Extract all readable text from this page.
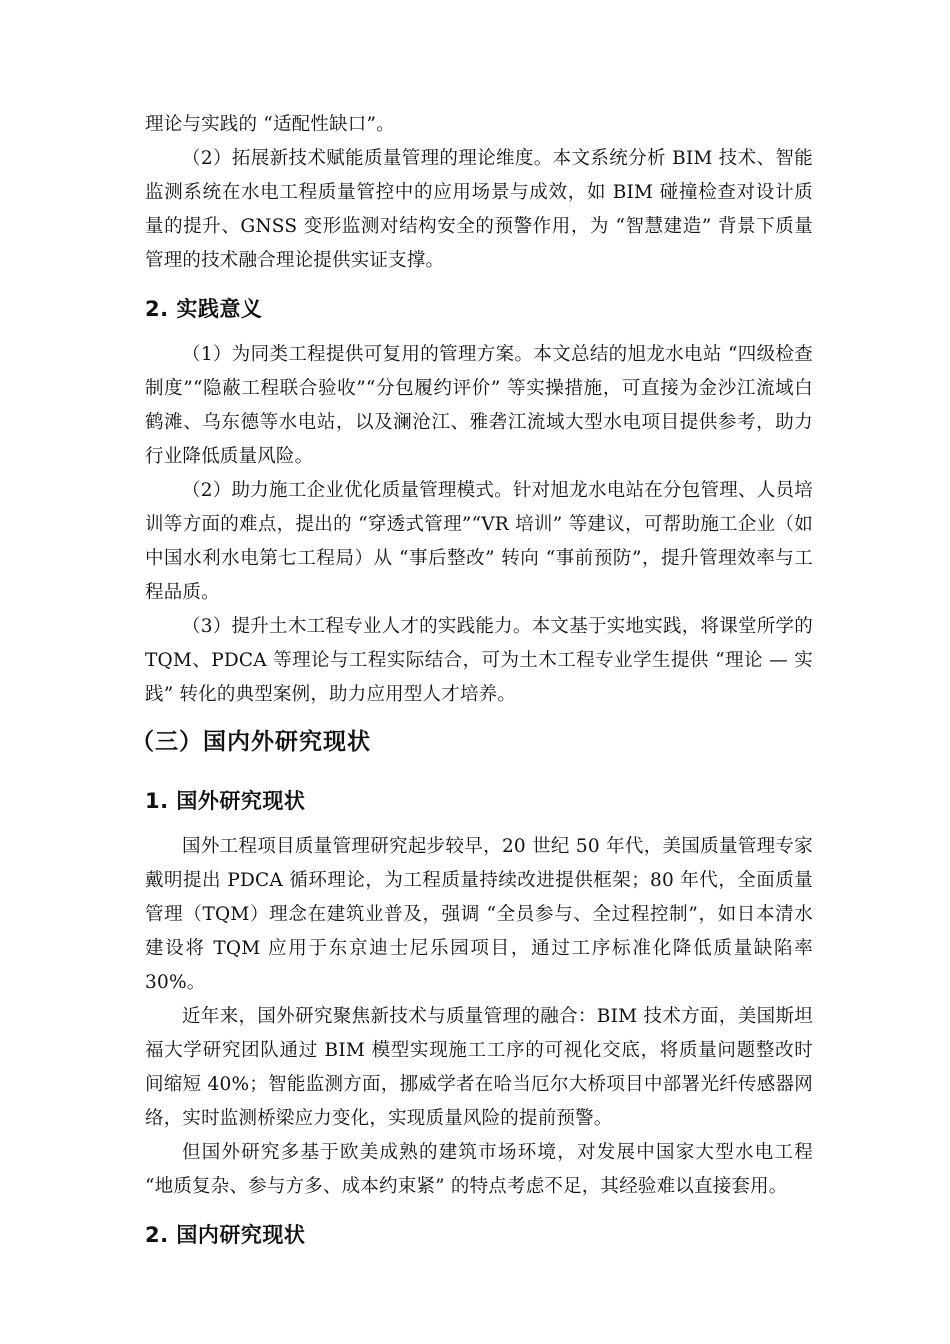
理论与实践的 “适配性缺口”。

（2）拓展新技术赋能质量管理的理论维度。本文系统分析 BIM 技术、智能监测系统在水电工程质量管控中的应用场景与成效，如 BIM 碰撞检查对设计质量的提升、GNSS 变形监测对结构安全的预警作用，为 “智慧建造” 背景下质量管理的技术融合理论提供实证支撑。

2. 实践意义

（1）为同类工程提供可复用的管理方案。本文总结的旭龙水电站 “四级检查制度”“隐蔽工程联合验收”“分包履约评价” 等实操措施，可直接为金沙江流域白鹤滩、乌东德等水电站，以及澜沧江、雅砻江流域大型水电项目提供参考，助力行业降低质量风险。

（2）助力施工企业优化质量管理模式。针对旭龙水电站在分包管理、人员培训等方面的难点，提出的 “穿透式管理”“VR 培训” 等建议，可帮助施工企业（如中国水利水电第七工程局）从 “事后整改” 转向 “事前预防”，提升管理效率与工程品质。

（3）提升土木工程专业人才的实践能力。本文基于实地实践，将课堂所学的 TQM、PDCA 等理论与工程实际结合，可为土木工程专业学生提供 “理论 — 实践” 转化的典型案例，助力应用型人才培养。

（三）国内外研究现状
1. 国外研究现状

国外工程项目质量管理研究起步较早，20 世纪 50 年代，美国质量管理专家戴明提出 PDCA 循环理论，为工程质量持续改进提供框架；80 年代，全面质量管理（TQM）理念在建筑业普及，强调 “全员参与、全过程控制”，如日本清水建设将 TQM 应用于东京迪士尼乐园项目，通过工序标准化降低质量缺陷率 30%。

近年来，国外研究聚焦新技术与质量管理的融合：BIM 技术方面，美国斯坦福大学研究团队通过 BIM 模型实现施工工序的可视化交底，将质量问题整改时间缩短 40%；智能监测方面，挪威学者在哈当厄尔大桥项目中部署光纤传感器网络，实时监测桥梁应力变化，实现质量风险的提前预警。

但国外研究多基于欧美成熟的建筑市场环境，对发展中国家大型水电工程 “地质复杂、参与方多、成本约束紧” 的特点考虑不足，其经验难以直接套用。

2. 国内研究现状
